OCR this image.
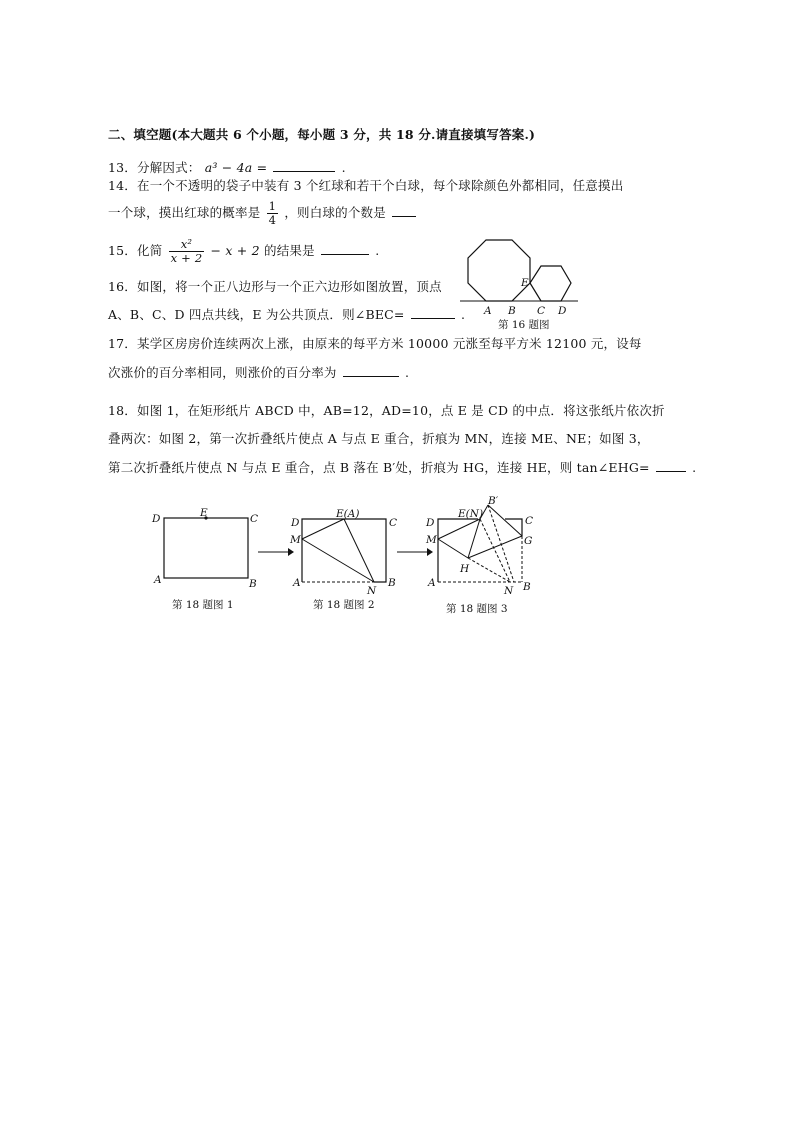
二、填空题(本大题共 6 个小题，每小题 3 分，共 18 分.请直接填写答案.)
13．分解因式： a³ − 4a =	.
14．在一个不透明的袋子中装有 3 个红球和若干个白球，每个球除颜色外都相同，任意摸出
一个球，摸出红球的概率是 $\frac{1}{4}$ ，则白球的个数是
15．化简 $\frac{\text{x²}}{x + 2} - x + 2$ 的结果是	.
16．如图，将一个正八边形与一个正六边形如图放置，顶点
A、B、C、D 四点共线，E 为公共顶点．则∠BEC=	. A B C D
E
第 16 题图
17．某学区房房价连续两次上涨，由原来的每平方米 10000 元涨至每平方米 12100 元，设每
次涨价的百分率相同，则涨价的百分率为	.
18．如图 1，在矩形纸片 ABCD 中，AB=12，AD=10，点 E 是 CD 的中点．将这张纸片依次折
叠两次：如图 2，第一次折叠纸片使点 A 与点 E 重合，折痕为 MN，连接 ME、NE；如图 3，
第二次折叠纸片使点 N 与点 E 重合，点 B 落在 B′处，折痕为 HG，连接 HE，则 tan∠EHG=	.
D	E	C
A	B
第 18 题图 1
D
E(A)
C
M
A
N
B
第 18 题图 2
E(N)
B′
D	C
M	G
H
A
N B
第 18 题图 3
